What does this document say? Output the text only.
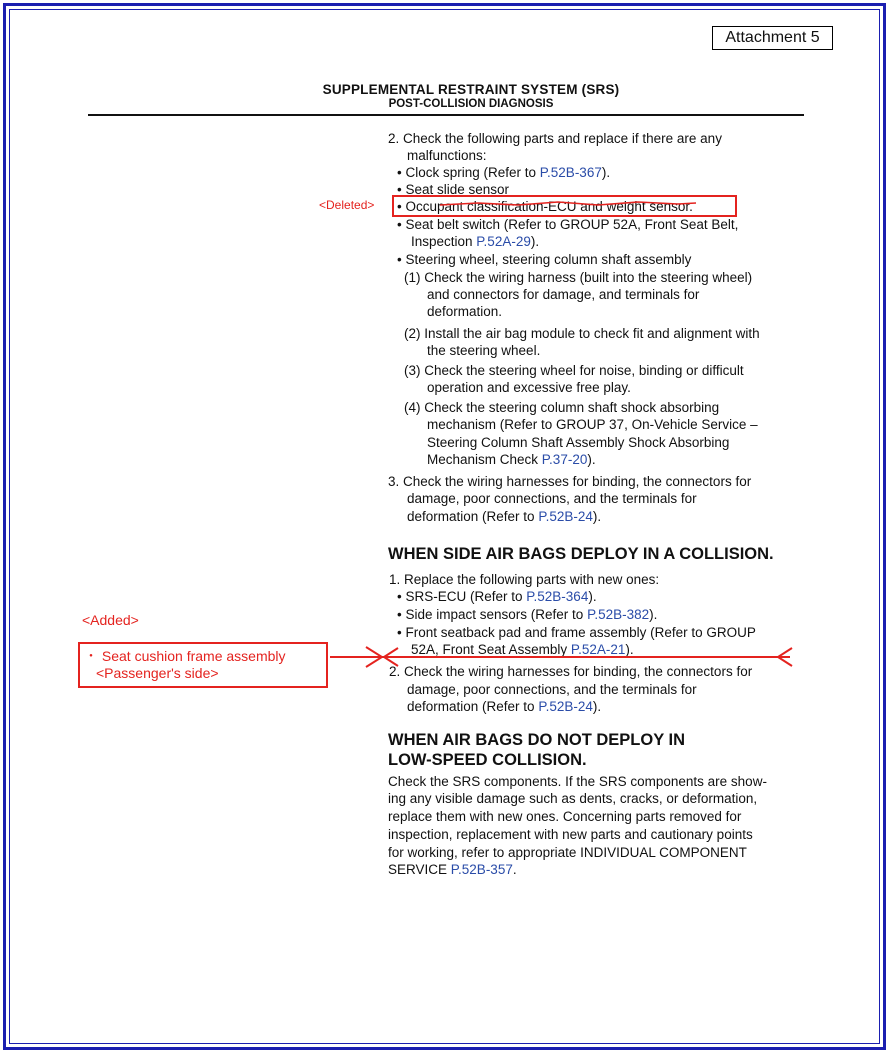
Attachment 5
SUPPLEMENTAL RESTRAINT SYSTEM (SRS)
POST-COLLISION DIAGNOSIS
2. Check the following parts and replace if there are any
malfunctions:
• Clock spring (Refer to P.52B-367).
• Seat slide sensor
• Occupant classification-ECU and weight sensor.
• Seat belt switch (Refer to GROUP 52A, Front Seat Belt,
Inspection P.52A-29).
• Steering wheel, steering column shaft assembly
(1) Check the wiring harness (built into the steering wheel)
and connectors for damage, and terminals for
deformation.
(2) Install the air bag module to check fit and alignment with
the steering wheel.
(3) Check the steering wheel for noise, binding or difficult
operation and excessive free play.
(4) Check the steering column shaft shock absorbing
mechanism (Refer to GROUP 37, On-Vehicle Service –
Steering Column Shaft Assembly Shock Absorbing
Mechanism Check P.37-20).
3. Check the wiring harnesses for binding, the connectors for
damage, poor connections, and the terminals for
deformation (Refer to P.52B-24).
WHEN SIDE AIR BAGS DEPLOY IN A COLLISION.
1. Replace the following parts with new ones:
• SRS-ECU (Refer to P.52B-364).
• Side impact sensors (Refer to P.52B-382).
• Front seatback pad and frame assembly (Refer to GROUP
52A, Front Seat Assembly P.52A-21).
2. Check the wiring harnesses for binding, the connectors for
damage, poor connections, and the terminals for
deformation (Refer to P.52B-24).
WHEN AIR BAGS DO NOT DEPLOY IN
LOW-SPEED COLLISION.
Check the SRS components. If the SRS components are show-
ing any visible damage such as dents, cracks, or deformation,
replace them with new ones. Concerning parts removed for
inspection, replacement with new parts and cautionary points
for working, refer to appropriate INDIVIDUAL COMPONENT
SERVICE P.52B-357.
<Deleted>
<Added>
・ Seat cushion frame assembly
<Passenger's side>
